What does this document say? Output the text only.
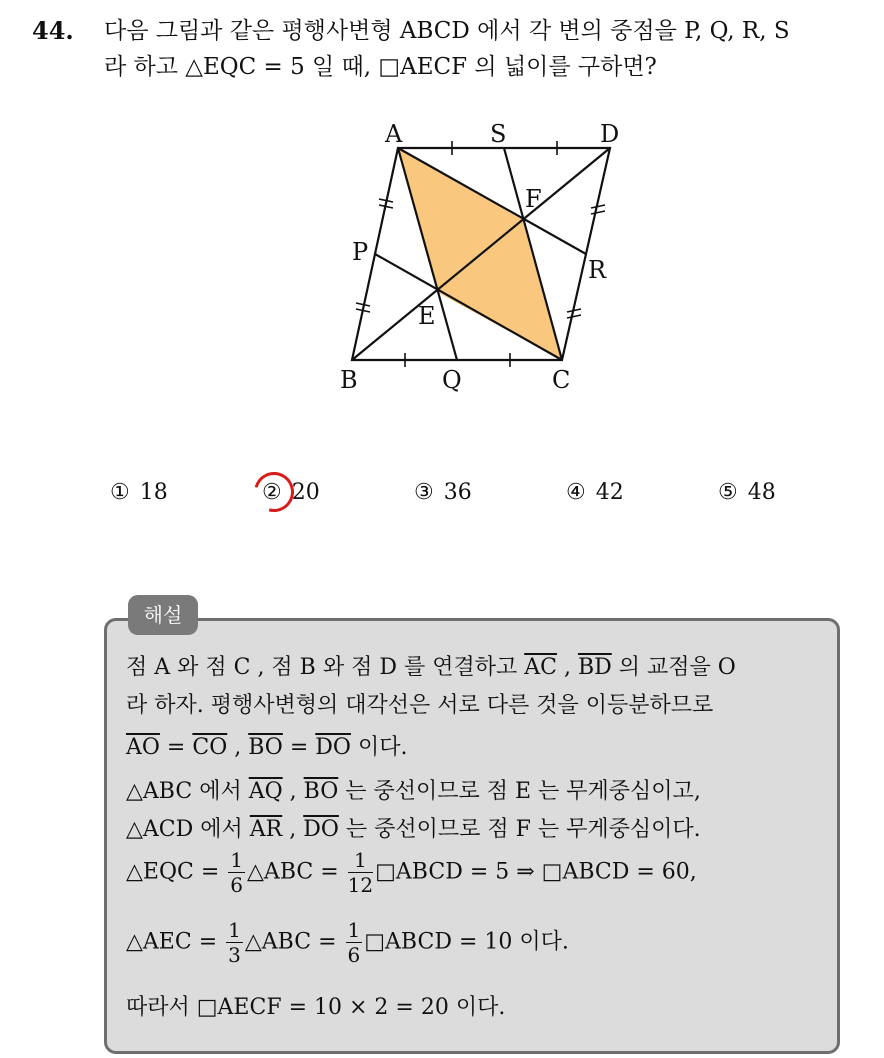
44. 다음 그림과 같은 평행사변형 ABCD 에서 각 변의 중점을 P, Q, R, S
라 하고 △EQC = 5 일 때, □AECF 의 넓이를 구하면?
A	S	D
F
P
R
E
B	Q	C
① 18	② 20	③ 36	④ 42	⑤ 48
해설
점 A 와 점 C , 점 B 와 점 D 를 연결하고 $\overline{AC}$ , $\overline{BD}$ 의 교점을 O
라 하자. 평행사변형의 대각선은 서로 다른 것을 이등분하므로
$\overline{AO} = \overline{CO}$ , $\overline{BO} = \overline{DO}$ 이다.
△ABC 에서 $\overline{AQ}$ , $\overline{BO}$ 는 중선이므로 점 E 는 무게중심이고,
△ACD 에서 $\overline{AR}$ , $\overline{DO}$ 는 중선이므로 점 F 는 무게중심이다.
△EQC = $\frac{1}{6}$ △ABC = $\frac{1}{12}$ □ABCD = 5 ⇒ □ABCD = 60,
△AEC = $\frac{1}{3}$ △ABC = $\frac{1}{6}$ □ABCD = 10 이다.
따라서 □AECF = 10 × 2 = 20 이다.
